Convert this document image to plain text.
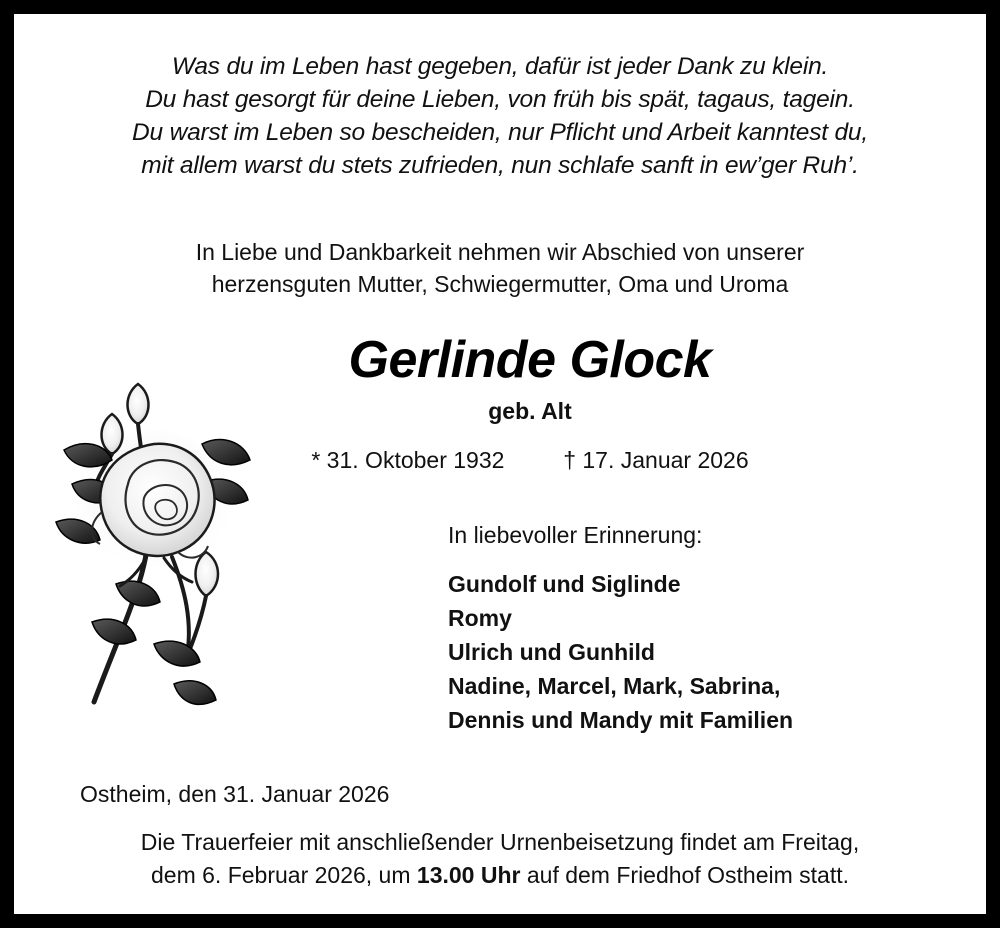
Was du im Leben hast gegeben, dafür ist jeder Dank zu klein.
Du hast gesorgt für deine Lieben, von früh bis spät, tagaus, tagein.
Du warst im Leben so bescheiden, nur Pflicht und Arbeit kanntest du,
mit allem warst du stets zufrieden, nun schlafe sanft in ew’ger Ruh’.
In Liebe und Dankbarkeit nehmen wir Abschied von unserer
herzensguten Mutter, Schwiegermutter, Oma und Uroma
Gerlinde Glock
geb. Alt
* 31. Oktober 1932	† 17. Januar 2026
In liebevoller Erinnerung:
Gundolf und Siglinde
Romy
Ulrich und Gunhild
Nadine, Marcel, Mark, Sabrina,
Dennis und Mandy mit Familien
Ostheim, den 31. Januar 2026
Die Trauerfeier mit anschließender Urnenbeisetzung findet am Freitag,
dem 6. Februar 2026, um 13.00 Uhr auf dem Friedhof Ostheim statt.
